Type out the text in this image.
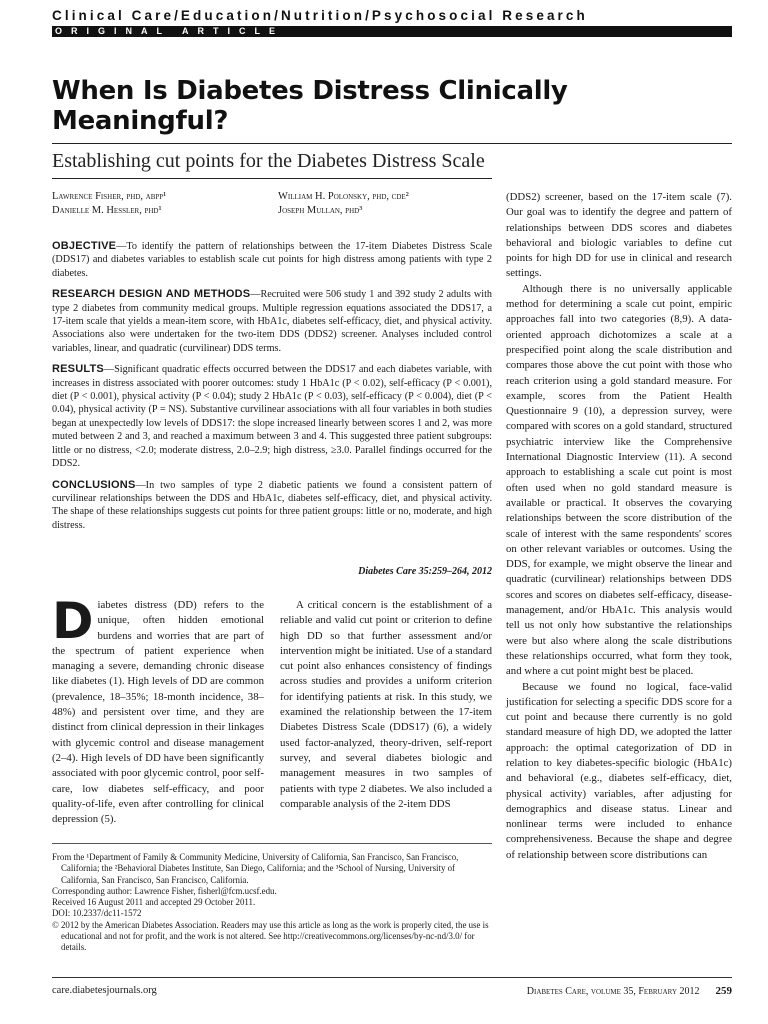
Clinical Care/Education/Nutrition/Psychosocial Research
ORIGINAL ARTICLE
When Is Diabetes Distress Clinically Meaningful?
Establishing cut points for the Diabetes Distress Scale
Lawrence Fisher, phd, abpp¹
Danielle M. Hessler, phd¹
William H. Polonsky, phd, cde²
Joseph Mullan, phd³

OBJECTIVE—To identify the pattern of relationships between the 17-item Diabetes Distress Scale (DDS17) and diabetes variables to establish scale cut points for high distress among patients with type 2 diabetes.

RESEARCH DESIGN AND METHODS—Recruited were 506 study 1 and 392 study 2 adults with type 2 diabetes from community medical groups. Multiple regression equations associated the DDS17, a 17-item scale that yields a mean-item score, with HbA1c, diabetes self-efficacy, diet, and physical activity. Associations also were undertaken for the two-item DDS (DDS2) screener. Analyses included control variables, linear, and quadratic (curvilinear) DDS terms.

RESULTS—Significant quadratic effects occurred between the DDS17 and each diabetes variable, with increases in distress associated with poorer outcomes: study 1 HbA1c (P < 0.02), self-efficacy (P < 0.001), diet (P < 0.001), physical activity (P < 0.04); study 2 HbA1c (P < 0.03), self-efficacy (P < 0.004), diet (P < 0.04), physical activity (P = NS). Substantive curvilinear associations with all four variables in both studies began at unexpectedly low levels of DDS17: the slope increased linearly between scores 1 and 2, was more muted between 2 and 3, and reached a maximum between 3 and 4. This suggested three patient subgroups: little or no distress, <2.0; moderate distress, 2.0–2.9; high distress, ≥3.0. Parallel findings occurred for the DDS2.

CONCLUSIONS—In two samples of type 2 diabetic patients we found a consistent pattern of curvilinear relationships between the DDS and HbA1c, diabetes self-efficacy, diet, and physical activity. The shape of these relationships suggests cut points for three patient groups: little or no, moderate, and high distress.

Diabetes Care 35:259–264, 2012

Diabetes distress (DD) refers to the unique, often hidden emotional burdens and worries that are part of the spectrum of patient experience when managing a severe, demanding chronic disease like diabetes (1). High levels of DD are common (prevalence, 18–35%; 18-month incidence, 38–48%) and persistent over time, and they are distinct from clinical depression in their linkages with glycemic control and disease management (2–4). High levels of DD have been significantly associated with poor glycemic control, poor self-care, low diabetes self-efficacy, and poor quality-of-life, even after controlling for clinical depression (5).

A critical concern is the establishment of a reliable and valid cut point or criterion to define high DD so that further assessment and/or intervention might be initiated. Use of a standard cut point also enhances consistency of findings across studies and provides a uniform criterion for identifying patients at risk. In this study, we examined the relationship between the 17-item Diabetes Distress Scale (DDS17) (6), a widely used factor-analyzed, theory-driven, self-report survey, and several diabetes biologic and management measures in two samples of patients with type 2 diabetes. We also included a comparable analysis of the 2-item DDS

(DDS2) screener, based on the 17-item scale (7). Our goal was to identify the degree and pattern of relationships between DDS scores and diabetes behavioral and biologic variables to define cut points for high DD for use in clinical and research settings.

Although there is no universally applicable method for determining a scale cut point, empiric approaches fall into two categories (8,9). A data-oriented approach dichotomizes a scale at a prespecified point along the scale distribution and compares those above the cut point with those who reach criterion using a gold standard measure. For example, scores from the Patient Health Questionnaire 9 (10), a depression survey, were compared with scores on a gold standard, structured psychiatric interview like the Comprehensive International Diagnostic Interview (11). A second approach to establishing a scale cut point is most often used when no gold standard measure is available or practical. It observes the covarying relationships between the score distribution of the scale of interest with the same respondents' scores on other relevant variables or outcomes. Using the DDS, for example, we might observe the linear and quadratic (curvilinear) relationships between DDS scores and scores on diabetes self-efficacy, disease-management, and/or HbA1c. This analysis would tell us not only how substantive the relationships were but also where along the scale distributions these relationships occurred, what form they took, and where a cut point might best be placed.

Because we found no logical, face-valid justification for selecting a specific DDS score for a cut point and because there currently is no gold standard measure of high DD, we adopted the latter approach: the optimal categorization of DD in relation to key diabetes-specific biologic (HbA1c) and behavioral (e.g., diabetes self-efficacy, diet, physical activity) variables, after adjusting for demographics and disease status. Linear and nonlinear terms were included to enhance comprehensiveness. Because the shape and degree of relationship between score distributions can

From the ¹Department of Family & Community Medicine, University of California, San Francisco, San Francisco, California; the ²Behavioral Diabetes Institute, San Diego, California; and the ³School of Nursing, University of California, San Francisco, San Francisco, California.

Corresponding author: Lawrence Fisher, fisherl@fcm.ucsf.edu.

Received 16 August 2011 and accepted 29 October 2011.

DOI: 10.2337/dc11-1572

© 2012 by the American Diabetes Association. Readers may use this article as long as the work is properly cited, the use is educational and not for profit, and the work is not altered. See http://creativecommons.org/licenses/by-nc-nd/3.0/ for details.

care.diabetesjournals.org	Diabetes Care, volume 35, February 2012 259
